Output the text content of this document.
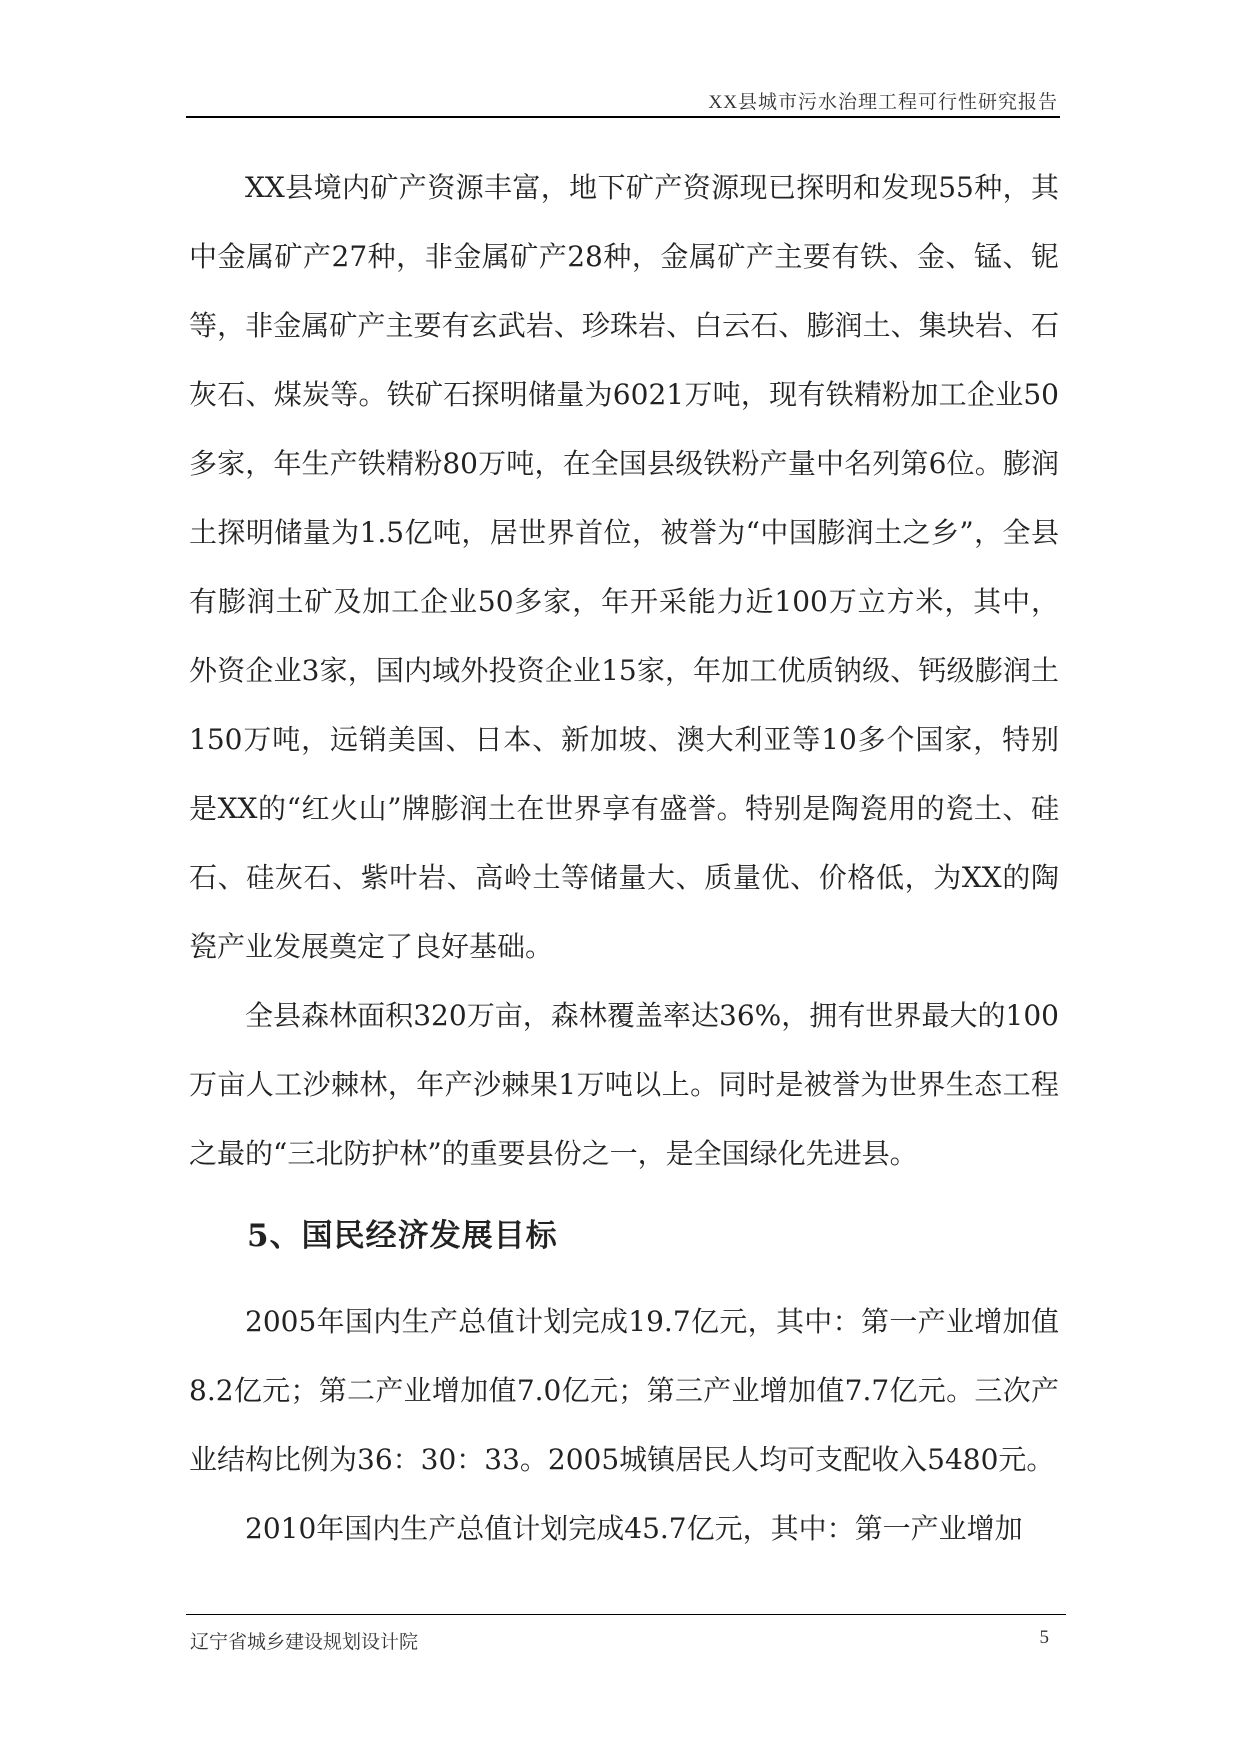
XX县城市污水治理工程可行性研究报告

XX县境内矿产资源丰富，地下矿产资源现已探明和发现55种，其中金属矿产27种，非金属矿产28种，金属矿产主要有铁、金、锰、铌等，非金属矿产主要有玄武岩、珍珠岩、白云石、膨润土、集块岩、石灰石、煤炭等。铁矿石探明储量为6021万吨，现有铁精粉加工企业50多家，年生产铁精粉80万吨，在全国县级铁粉产量中名列第6位。膨润土探明储量为1.5亿吨，居世界首位，被誉为“中国膨润土之乡”，全县有膨润土矿及加工企业50多家，年开采能力近100万立方米，其中，外资企业3家，国内域外投资企业15家，年加工优质钠级、钙级膨润土150万吨，远销美国、日本、新加坡、澳大利亚等10多个国家，特别是XX的“红火山”牌膨润土在世界享有盛誉。特别是陶瓷用的瓷土、硅石、硅灰石、紫叶岩、高岭土等储量大、质量优、价格低，为XX的陶瓷产业发展奠定了良好基础。

全县森林面积320万亩，森林覆盖率达36%，拥有世界最大的100万亩人工沙棘林，年产沙棘果1万吨以上。同时是被誉为世界生态工程之最的“三北防护林”的重要县份之一，是全国绿化先进县。

5、国民经济发展目标

2005年国内生产总值计划完成19.7亿元，其中：第一产业增加值8.2亿元；第二产业增加值7.0亿元；第三产业增加值7.7亿元。三次产业结构比例为36：30：33。2005城镇居民人均可支配收入5480元。

2010年国内生产总值计划完成45.7亿元，其中：第一产业增加

辽宁省城乡建设规划设计院	5
